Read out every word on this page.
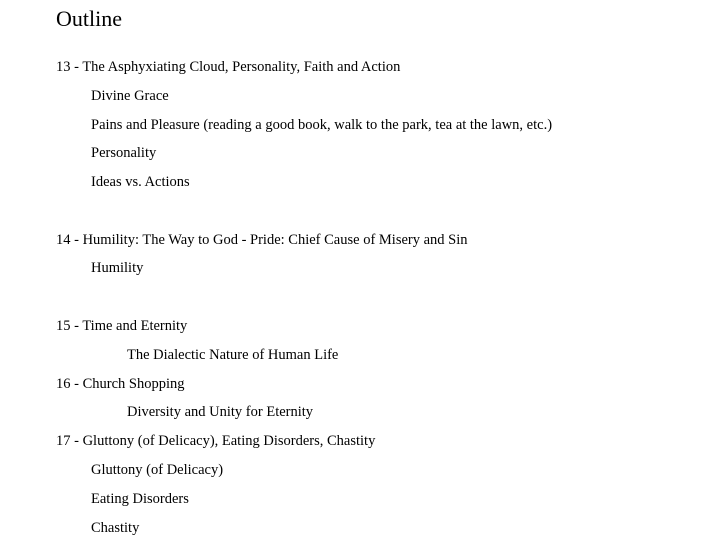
Outline
13 - The Asphyxiating Cloud, Personality, Faith and Action
Divine Grace
Pains and Pleasure (reading a good book, walk to the park, tea at the lawn, etc.)
Personality
Ideas vs. Actions
14 - Humility: The Way to God - Pride: Chief Cause of Misery and Sin
Humility
15 - Time and Eternity
The Dialectic Nature of Human Life
16 - Church Shopping
Diversity and Unity for Eternity
17 - Gluttony (of Delicacy), Eating Disorders, Chastity
Gluttony (of Delicacy)
Eating Disorders
Chastity
